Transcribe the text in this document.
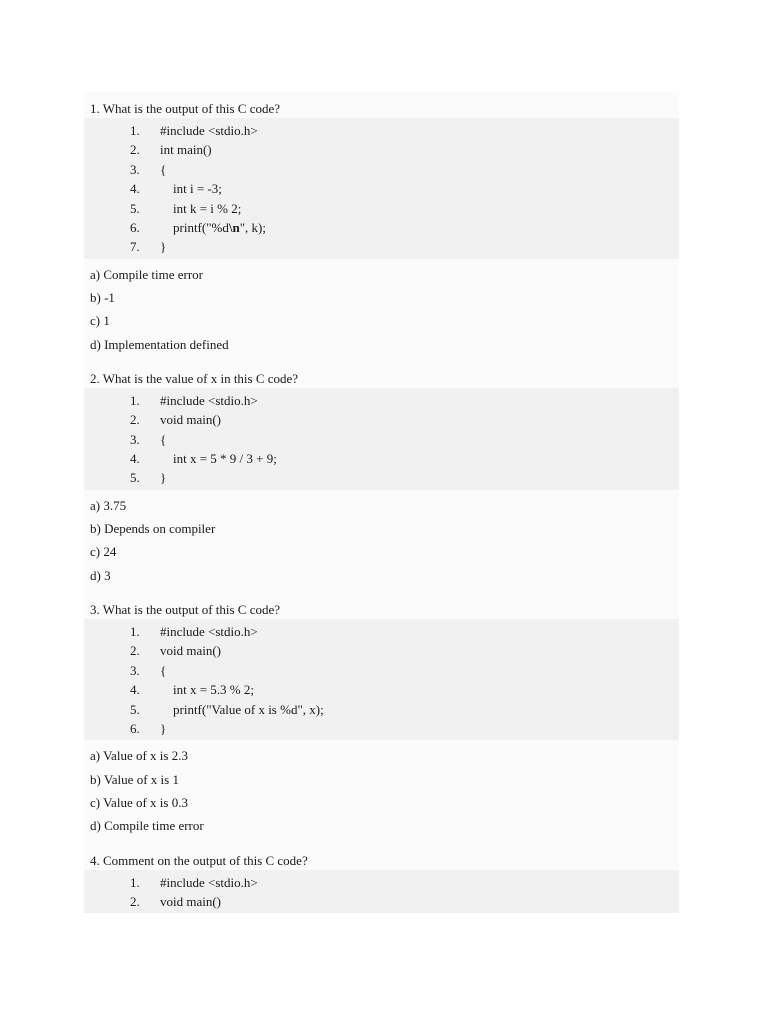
1. What is the output of this C code?
1.	#include <stdio.h>
2.	int main()
3.	{
4.	int i = -3;
5.	int k = i % 2;
6.	printf("%d\n", k);
7.	}
a) Compile time error
b) -1
c) 1
d) Implementation defined
2. What is the value of x in this C code?
1.	#include <stdio.h>
2.	void main()
3.	{
4.	int x = 5 * 9 / 3 + 9;
5.	}
a) 3.75
b) Depends on compiler
c) 24
d) 3
3. What is the output of this C code?
1.	#include <stdio.h>
2.	void main()
3.	{
4.	int x = 5.3 % 2;
5.	printf("Value of x is %d", x);
6.	}
a) Value of x is 2.3
b) Value of x is 1
c) Value of x is 0.3
d) Compile time error
4. Comment on the output of this C code?
1.	#include <stdio.h>
2.	void main()
